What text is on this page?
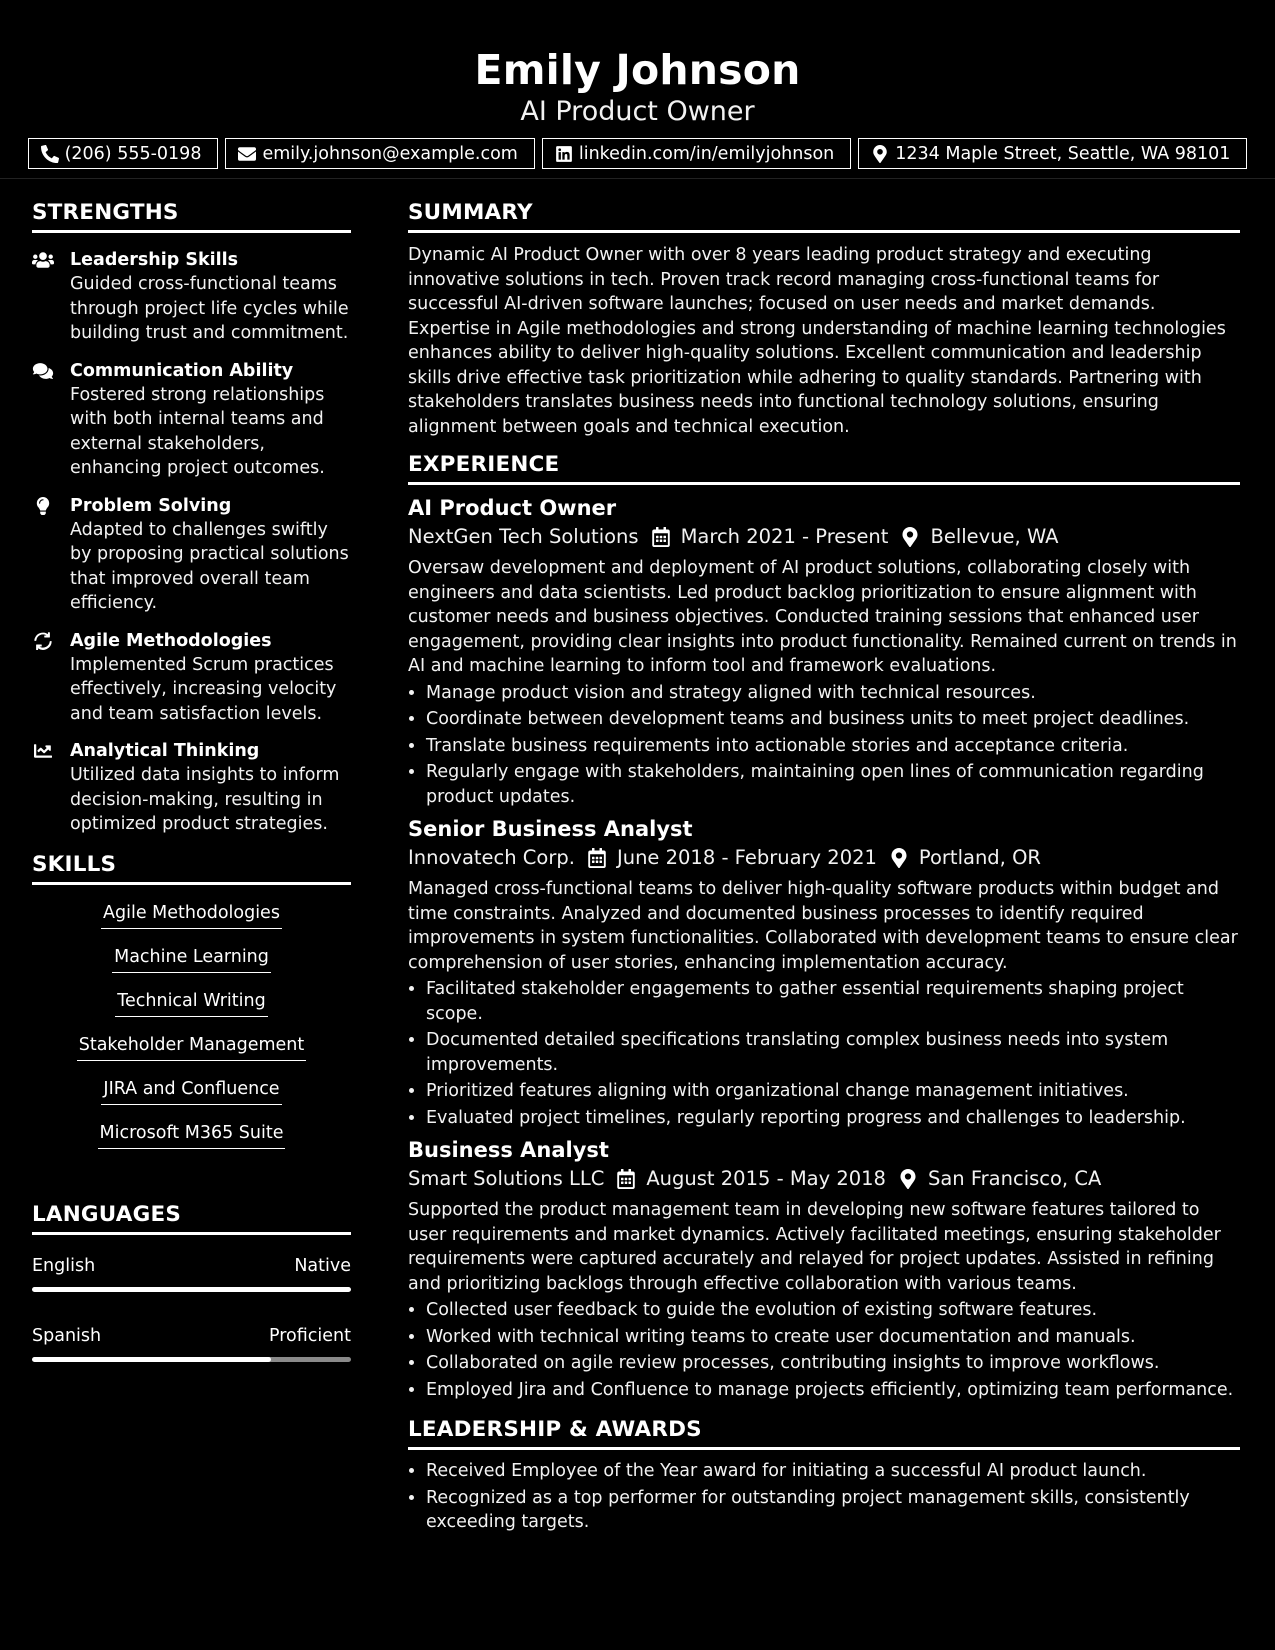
Emily Johnson
AI Product Owner
(206) 555-0198	emily.johnson@example.com	linkedin.com/in/emilyjohnson	1234 Maple Street, Seattle, WA 98101
STRENGTHS
Leadership Skills
Guided cross-functional teams through project life cycles while building trust and commitment.
Communication Ability
Fostered strong relationships with both internal teams and external stakeholders, enhancing project outcomes.
Problem Solving
Adapted to challenges swiftly by proposing practical solutions that improved overall team efficiency.
Agile Methodologies
Implemented Scrum practices effectively, increasing velocity and team satisfaction levels.
Analytical Thinking
Utilized data insights to inform decision-making, resulting in optimized product strategies.
SKILLS
Agile Methodologies
Machine Learning
Technical Writing
Stakeholder Management
JIRA and Confluence
Microsoft M365 Suite
LANGUAGES
English	Native
Spanish	Proficient
SUMMARY

Dynamic AI Product Owner with over 8 years leading product strategy and executing innovative solutions in tech. Proven track record managing cross-functional teams for successful AI-driven software launches; focused on user needs and market demands. Expertise in Agile methodologies and strong understanding of machine learning technologies enhances ability to deliver high-quality solutions. Excellent communication and leadership skills drive effective task prioritization while adhering to quality standards. Partnering with stakeholders translates business needs into functional technology solutions, ensuring alignment between goals and technical execution.

EXPERIENCE
AI Product Owner
NextGen Tech Solutions March 2021 - Present Bellevue, WA

Oversaw development and deployment of AI product solutions, collaborating closely with engineers and data scientists. Led product backlog prioritization to ensure alignment with customer needs and business objectives. Conducted training sessions that enhanced user engagement, providing clear insights into product functionality. Remained current on trends in AI and machine learning to inform tool and framework evaluations.

• Manage product vision and strategy aligned with technical resources.
• Coordinate between development teams and business units to meet project deadlines.
• Translate business requirements into actionable stories and acceptance criteria.
• Regularly engage with stakeholders, maintaining open lines of communication regarding product updates.
Senior Business Analyst
Innovatech Corp. June 2018 - February 2021 Portland, OR

Managed cross-functional teams to deliver high-quality software products within budget and time constraints. Analyzed and documented business processes to identify required improvements in system functionalities. Collaborated with development teams to ensure clear comprehension of user stories, enhancing implementation accuracy.

• Facilitated stakeholder engagements to gather essential requirements shaping project scope.
• Documented detailed specifications translating complex business needs into system improvements.
• Prioritized features aligning with organizational change management initiatives.
• Evaluated project timelines, regularly reporting progress and challenges to leadership.
Business Analyst
Smart Solutions LLC August 2015 - May 2018 San Francisco, CA

Supported the product management team in developing new software features tailored to user requirements and market dynamics. Actively facilitated meetings, ensuring stakeholder requirements were captured accurately and relayed for project updates. Assisted in refining and prioritizing backlogs through effective collaboration with various teams.

• Collected user feedback to guide the evolution of existing software features.
• Worked with technical writing teams to create user documentation and manuals.
• Collaborated on agile review processes, contributing insights to improve workflows.
• Employed Jira and Confluence to manage projects efficiently, optimizing team performance.
LEADERSHIP & AWARDS
• Received Employee of the Year award for initiating a successful AI product launch.
• Recognized as a top performer for outstanding project management skills, consistently exceeding targets.
